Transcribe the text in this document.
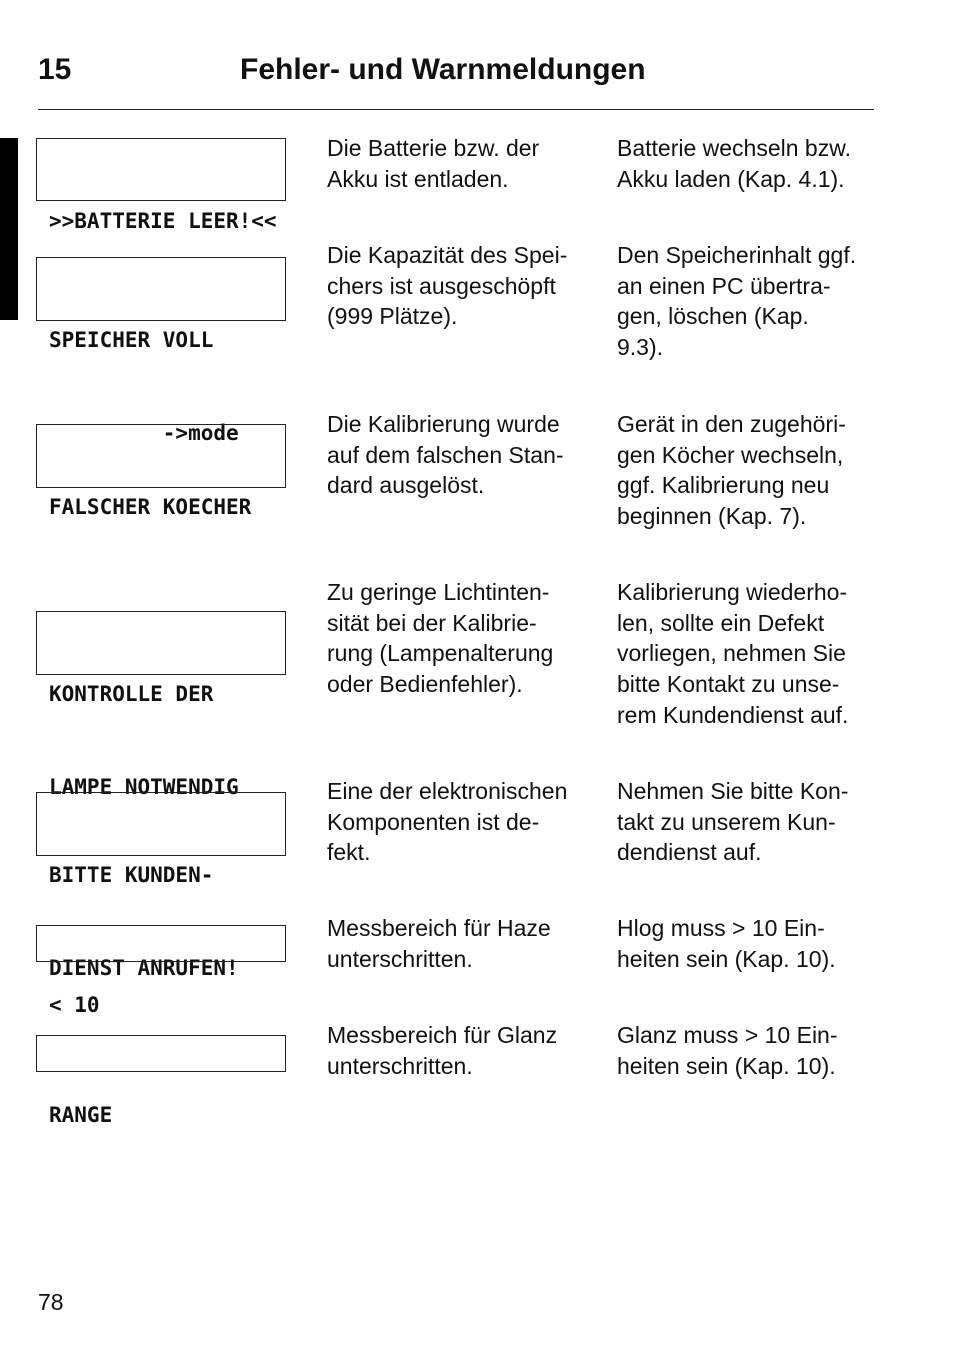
15	Fehler- und Warnmeldungen

>>BATTERIE LEER!<<

Die Batterie bzw. der
Akku ist entladen.
Batterie wechseln bzw.
Akku laden (Kap. 4.1).

SPEICHER VOLL

->mode

Die Kapazität des Spei-
chers ist ausgeschöpft
(999 Plätze).
Den Speicherinhalt ggf.
an einen PC übertra-
gen, löschen (Kap.
9.3).

FALSCHER KOECHER

Die Kalibrierung wurde
auf dem falschen Stan-
dard ausgelöst.
Gerät in den zugehöri-
gen Köcher wechseln,
ggf. Kalibrierung neu
beginnen (Kap. 7).

KONTROLLE DER

LAMPE NOTWENDIG

Zu geringe Lichtinten-
sität bei der Kalibrie-
rung (Lampenalterung
oder Bedienfehler).
Kalibrierung wiederho-
len, sollte ein Defekt
vorliegen, nehmen Sie
bitte Kontakt zu unse-
rem Kundendienst auf.

BITTE KUNDEN-

DIENST ANRUFEN!

Eine der elektronischen
Komponenten ist de-
fekt.
Nehmen Sie bitte Kon-
takt zu unserem Kun-
dendienst auf.

< 10

Messbereich für Haze
unterschritten.
Hlog muss > 10 Ein-
heiten sein (Kap. 10).

RANGE

Messbereich für Glanz
unterschritten.
Glanz muss > 10 Ein-
heiten sein (Kap. 10).
78
